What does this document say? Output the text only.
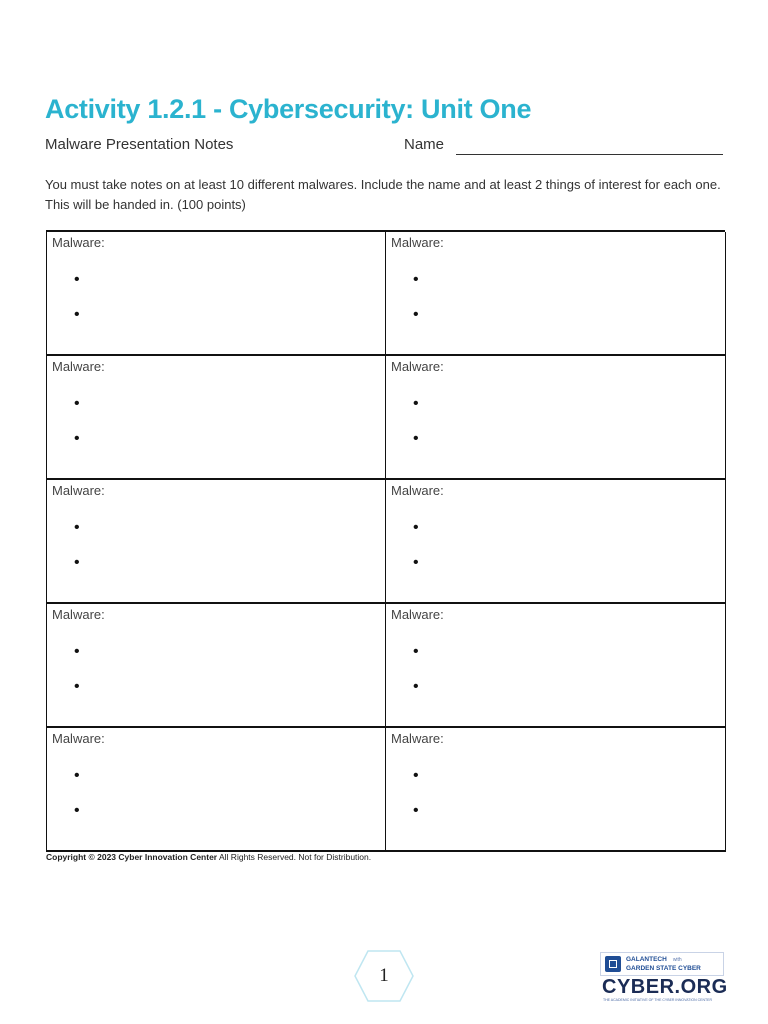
Activity 1.2.1 - Cybersecurity: Unit One
Malware Presentation Notes	Name
You must take notes on at least 10 different malwares. Include the name and at least 2 things of interest for each one. This will be handed in. (100 points)
Malware:
•
•
Malware:
•
•
Malware:
•
•
Malware:
•
•
Malware:
•
•
Malware:
•
•
Malware:
•
•
Malware:
•
•
Malware:
•
•
Malware:
•
•
Copyright © 2023 Cyber Innovation Center All Rights Reserved. Not for Distribution.
1
GALANTECH with
GARDEN STATE CYBER
CYBER.ORG
THE ACADEMIC INITIATIVE OF THE CYBER INNOVATION CENTER
